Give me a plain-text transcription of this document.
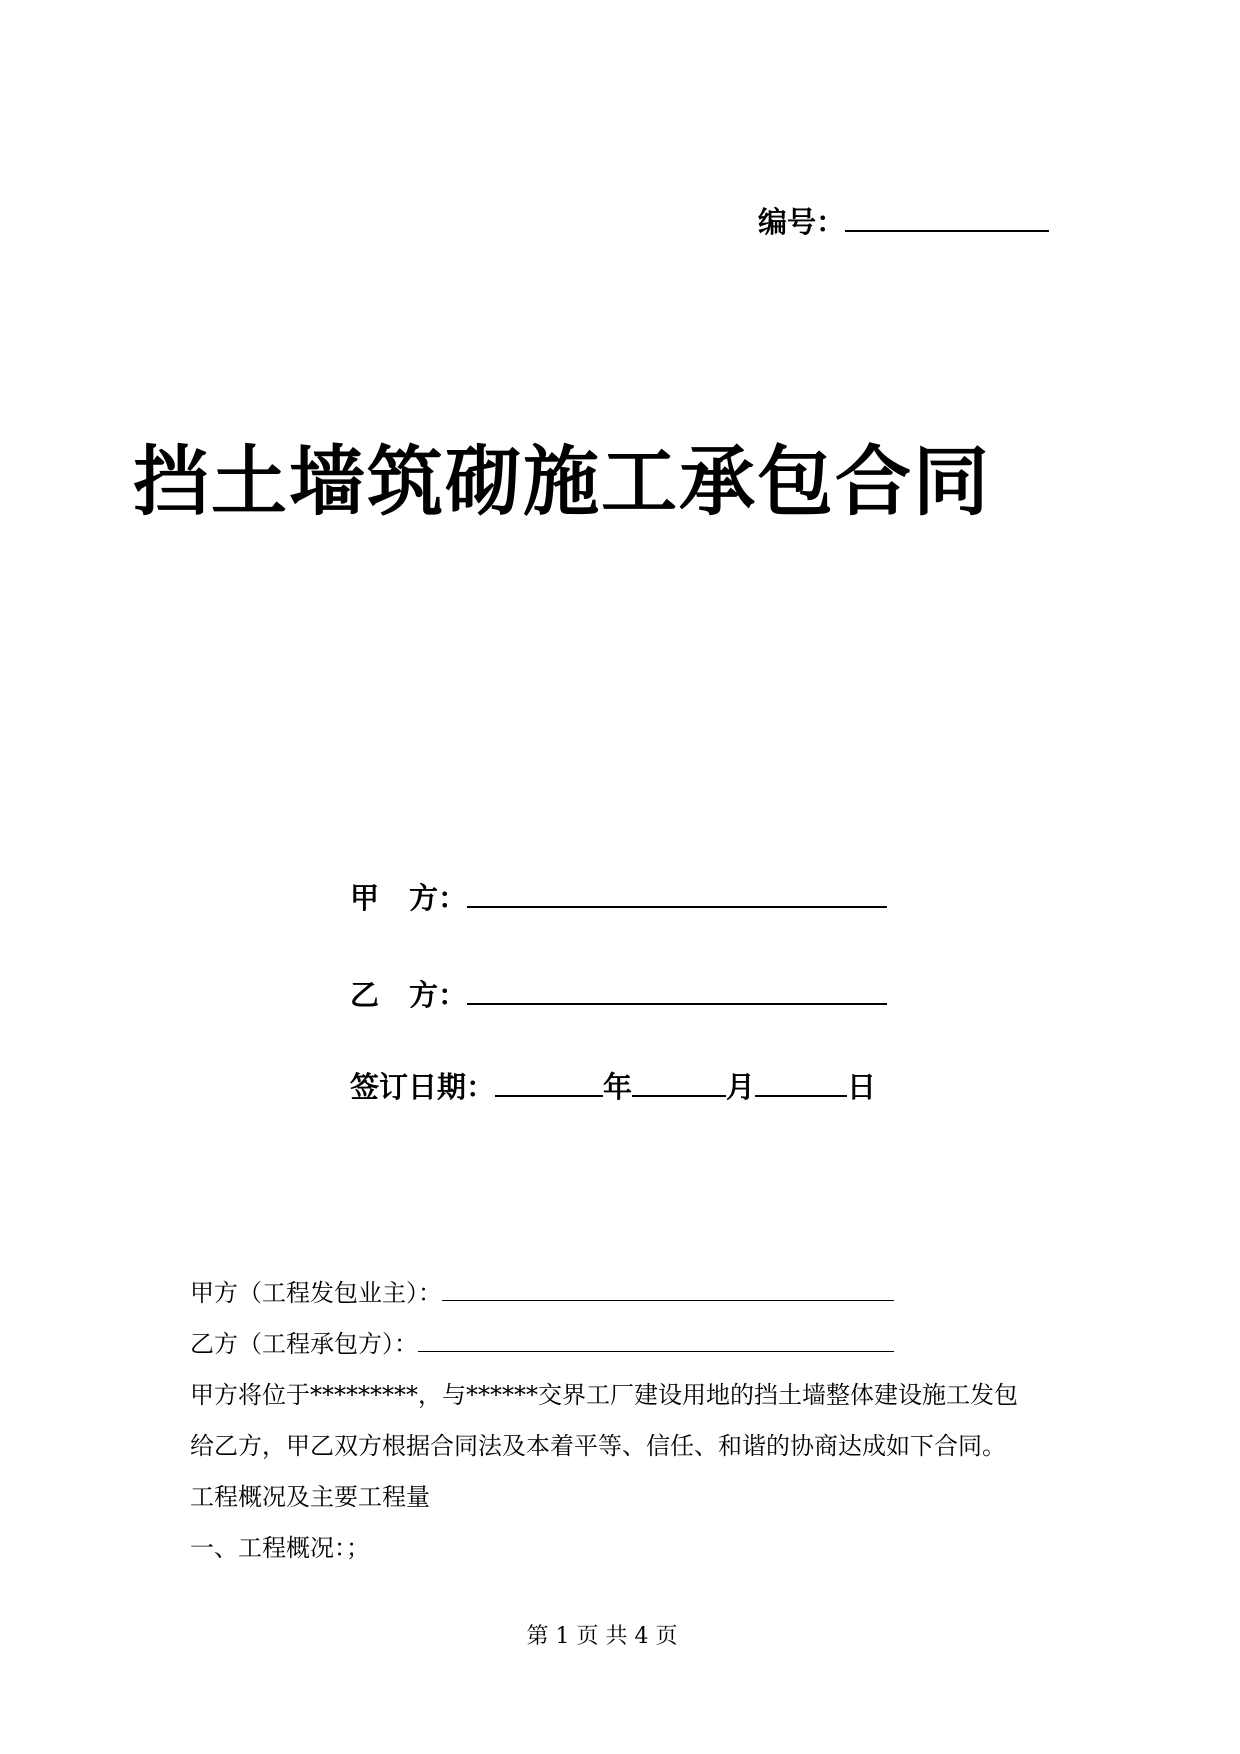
编号：
挡土墙筑砌施工承包合同
甲 方：
乙 方：
签订日期：	年	月	日
甲方（工程发包业主）：
乙方（工程承包方）：
甲方将位于*********，与******交界工厂建设用地的挡土墙整体建设施工发包
给乙方，甲乙双方根据合同法及本着平等、信任、和谐的协商达成如下合同。
工程概况及主要工程量
一、工程概况：；
第 1 页 共 4 页
